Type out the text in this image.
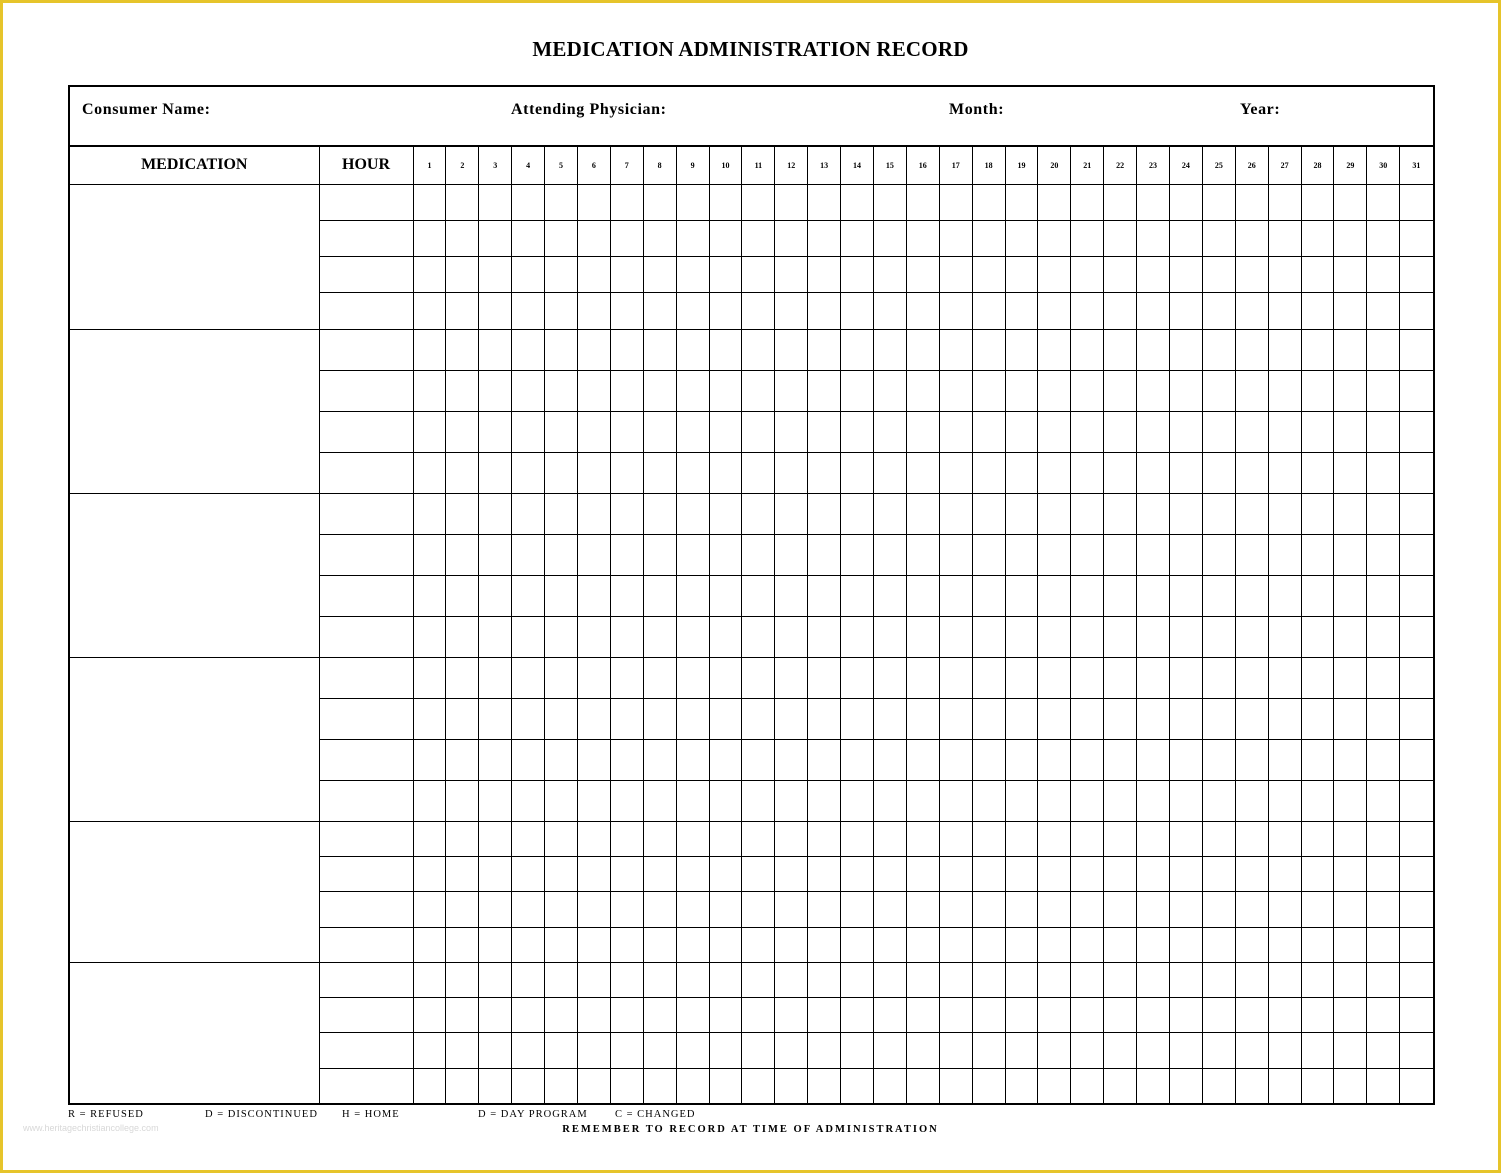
MEDICATION ADMINISTRATION RECORD
Consumer Name:	Attending Physician:	Month:	Year:
MEDICATION	HOUR	1	2	3	4	5	6	7	8	9	10	11	12	13	14	15	16	17	18	19	20	21	22	23	24	25	26	27	28	29	30	31

R = REFUSED	D = DISCONTINUED H = HOME	D = DAY PROGRAM	C = CHANGED
REMEMBER TO RECORD AT TIME OF ADMINISTRATION
www.heritagechristiancollege.com
